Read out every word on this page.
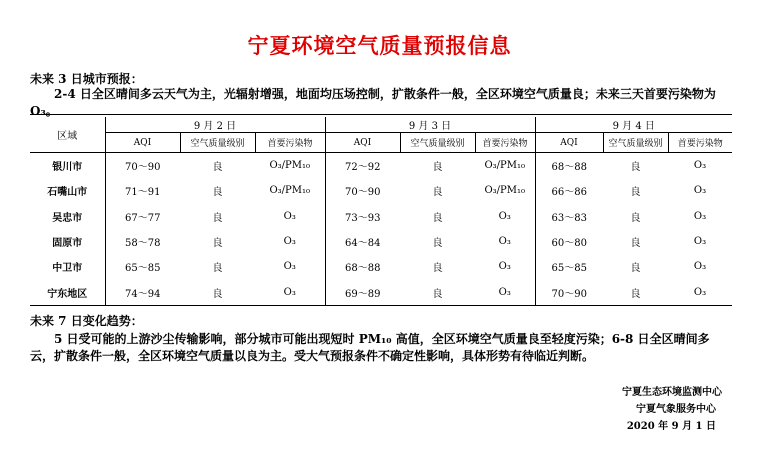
宁夏环境空气质量预报信息
未来 3 日城市预报：
2-4 日全区晴间多云天气为主，光辐射增强，地面均压场控制，扩散条件一般，全区环境空气质量良；未来三天首要污染物为 O₃。
区域	9 月 2 日			9 月 3 日			9 月 4 日		
	AQI	空气质量级别	首要污染物	AQI	空气质量级别	首要污染物	AQI	空气质量级别	首要污染物
银川市	70～90	良	O₃/PM₁₀	72～92	良	O₃/PM₁₀	68～88	良	O₃
石嘴山市	71～91	良	O₃/PM₁₀	70～90	良	O₃/PM₁₀	66～86	良	O₃
吴忠市	67～77	良	O₃	73～93	良	O₃	63～83	良	O₃
固原市	58～78	良	O₃	64～84	良	O₃	60～80	良	O₃
中卫市	65～85	良	O₃	68～88	良	O₃	65～85	良	O₃
宁东地区	74～94	良	O₃	69～89	良	O₃	70～90	良	O₃
未来 7 日变化趋势：
5 日受可能的上游沙尘传输影响，部分城市可能出现短时 PM₁₀ 高值，全区环境空气质量良至轻度污染；6-8 日全区晴间多云，扩散条件一般，全区环境空气质量以良为主。受大气预报条件不确定性影响，具体形势有待临近判断。
宁夏生态环境监测中心
宁夏气象服务中心
2020 年 9 月 1 日
